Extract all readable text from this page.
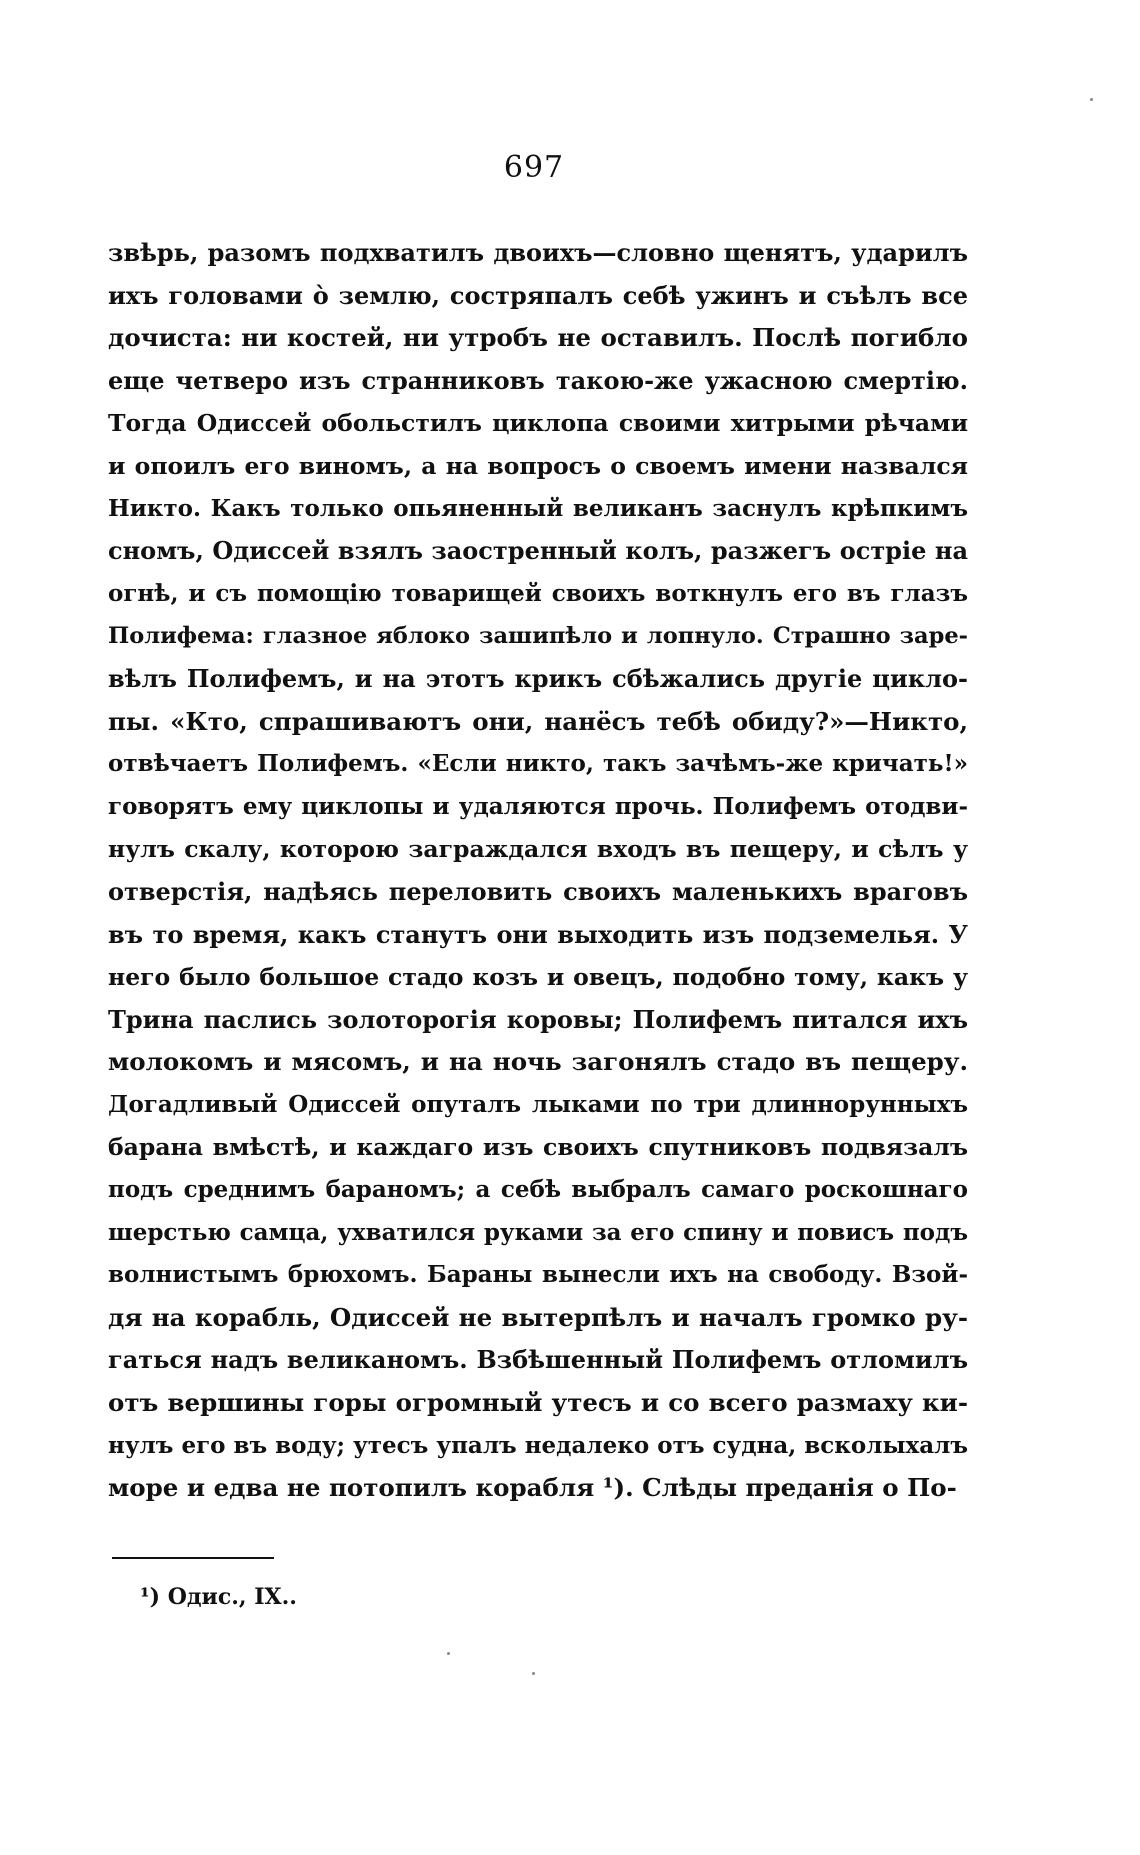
697
звѣрь, разомъ подхватилъ двоихъ—словно щенятъ, ударилъ
ихъ головами ὸ землю, состряпалъ себѣ ужинъ и съѣлъ все
дочиста: ни костей, ни утробъ не оставилъ. Послѣ погибло
еще четверо изъ странниковъ такою-же ужасною смертію.
Тогда Одиссей обольстилъ циклопа своими хитрыми рѣчами
и опоилъ его виномъ, а на вопросъ о своемъ имени назвался
Никто. Какъ только опьяненный великанъ заснулъ крѣпкимъ
сномъ, Одиссей взялъ заостренный колъ, разжегъ остріе на
огнѣ, и съ помощію товарищей своихъ воткнулъ его въ глазъ
Полифема: глазное яблоко зашипѣло и лопнуло. Страшно заре-
вѣлъ Полифемъ, и на этотъ крикъ сбѣжались другіе цикло-
пы. «Кто, спрашиваютъ они, нанёсъ тебѣ обиду?»—Никто,
отвѣчаетъ Полифемъ. «Если никто, такъ зачѣмъ-же кричать!»
говорятъ ему циклопы и удаляются прочь. Полифемъ отодви-
нулъ скалу, которою заграждался входъ въ пещеру, и сѣлъ у
отверстія, надѣясь переловить своихъ маленькихъ враговъ
въ то время, какъ станутъ они выходить изъ подземелья. У
него было большое стадо козъ и овецъ, подобно тому, какъ у
Трина паслись золоторогія коровы; Полифемъ питался ихъ
молокомъ и мясомъ, и на ночь загонялъ стадо въ пещеру.
Догадливый Одиссей опуталъ лыками по три длиннорунныхъ
барана вмѣстѣ, и каждаго изъ своихъ спутниковъ подвязалъ
подъ среднимъ бараномъ; а себѣ выбралъ самаго роскошнаго
шерстью самца, ухватился руками за его спину и повисъ подъ
волнистымъ брюхомъ. Бараны вынесли ихъ на свободу. Взой-
дя на корабль, Одиссей не вытерпѣлъ и началъ громко ру-
гаться надъ великаномъ. Взбѣшенный Полифемъ отломилъ
отъ вершины горы огромный утесъ и со всего размаху ки-
нулъ его въ воду; утесъ упалъ недалеко отъ судна, всколыхалъ
море и едва не потопилъ корабля ¹). Слѣды преданія о По-
¹) Одис., IX..
